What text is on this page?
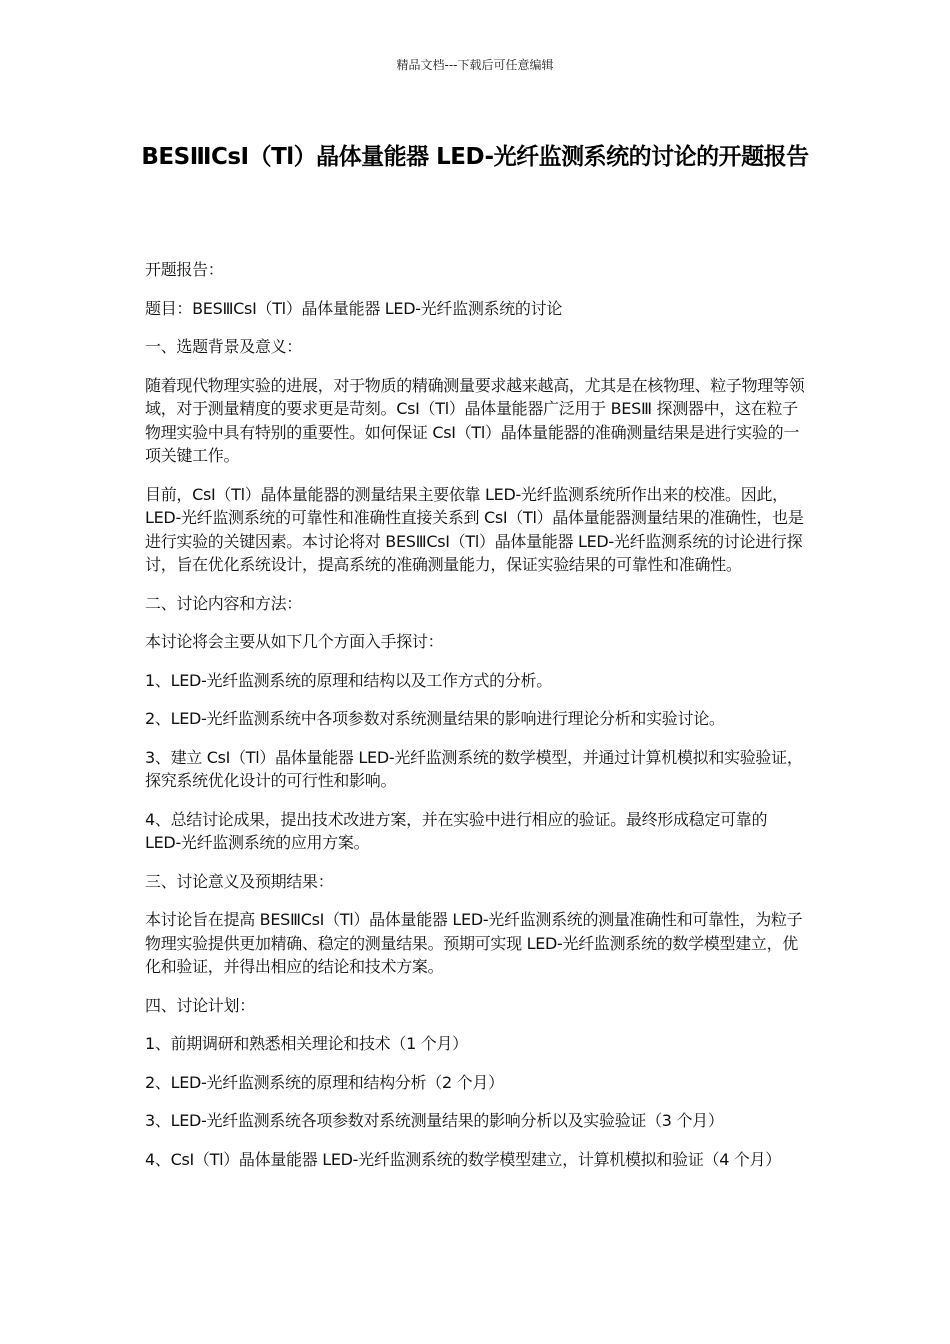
精品文档---下载后可任意编辑
BESⅢCsI（Tl）晶体量能器 LED-光纤监测系统的讨论的开题报告

开题报告：

题目：BESⅢCsI（Tl）晶体量能器 LED-光纤监测系统的讨论

一、选题背景及意义：

随着现代物理实验的进展，对于物质的精确测量要求越来越高，尤其是在核物理、粒子物理等领域，对于测量精度的要求更是苛刻。CsI（Tl）晶体量能器广泛用于 BESⅢ 探测器中，这在粒子物理实验中具有特别的重要性。如何保证 CsI（Tl）晶体量能器的准确测量结果是进行实验的一项关键工作。

目前，CsI（Tl）晶体量能器的测量结果主要依靠 LED-光纤监测系统所作出来的校准。因此，LED-光纤监测系统的可靠性和准确性直接关系到 CsI（Tl）晶体量能器测量结果的准确性，也是进行实验的关键因素。本讨论将对 BESⅢCsI（Tl）晶体量能器 LED-光纤监测系统的讨论进行探讨，旨在优化系统设计，提高系统的准确测量能力，保证实验结果的可靠性和准确性。

二、讨论内容和方法：

本讨论将会主要从如下几个方面入手探讨：

1、LED-光纤监测系统的原理和结构以及工作方式的分析。

2、LED-光纤监测系统中各项参数对系统测量结果的影响进行理论分析和实验讨论。

3、建立 CsI（Tl）晶体量能器 LED-光纤监测系统的数学模型，并通过计算机模拟和实验验证，探究系统优化设计的可行性和影响。

4、总结讨论成果，提出技术改进方案，并在实验中进行相应的验证。最终形成稳定可靠的 LED-光纤监测系统的应用方案。

三、讨论意义及预期结果：

本讨论旨在提高 BESⅢCsI（Tl）晶体量能器 LED-光纤监测系统的测量准确性和可靠性，为粒子物理实验提供更加精确、稳定的测量结果。预期可实现 LED-光纤监测系统的数学模型建立，优化和验证，并得出相应的结论和技术方案。

四、讨论计划：

1、前期调研和熟悉相关理论和技术（1 个月）

2、LED-光纤监测系统的原理和结构分析（2 个月）

3、LED-光纤监测系统各项参数对系统测量结果的影响分析以及实验验证（3 个月）

4、CsI（Tl）晶体量能器 LED-光纤监测系统的数学模型建立，计算机模拟和验证（4 个月）
